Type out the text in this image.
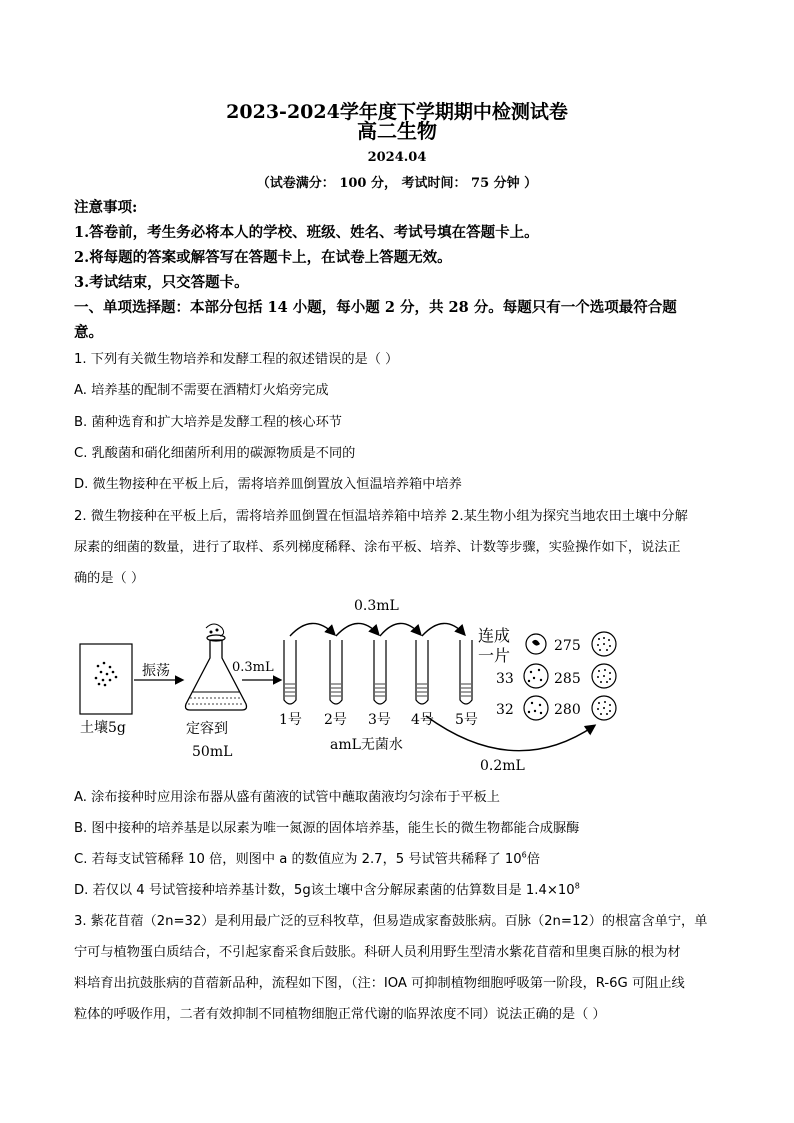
2023-2024学年度下学期期中检测试卷
高二生物
2024.04
（试卷满分： 100 分， 考试时间： 75 分钟 ）
注意事项:
1.答卷前，考生务必将本人的学校、班级、姓名、考试号填在答题卡上。
2.将每题的答案或解答写在答题卡上，在试卷上答题无效。
3.考试结束，只交答题卡。
一、单项选择题：本部分包括 14 小题，每小题 2 分，共 28 分。每题只有一个选项最符合题
意。
1. 下列有关微生物培养和发酵工程的叙述错误的是（ ）
A. 培养基的配制不需要在酒精灯火焰旁完成
B. 菌种选育和扩大培养是发酵工程的核心环节
C. 乳酸菌和硝化细菌所利用的碳源物质是不同的
D. 微生物接种在平板上后，需将培养皿倒置放入恒温培养箱中培养
2. 微生物接种在平板上后，需将培养皿倒置在恒温培养箱中培养 2.某生物小组为探究当地农田土壤中分解
尿素的细菌的数量，进行了取样、系列梯度稀释、涂布平板、培养、计数等步骤，实验操作如下，说法正
确的是（ ）
土壤5g
振荡
定容到
50mL
0.3mL
0.3mL
1号 2号 3号 4号 5号
amL无菌水
连成
一片
33
32
275
285
280
0.2mL
A. 涂布接种时应用涂布器从盛有菌液的试管中蘸取菌液均匀涂布于平板上
B. 图中接种的培养基是以尿素为唯一氮源的固体培养基，能生长的微生物都能合成脲酶
C. 若每支试管稀释 10 倍，则图中 a 的数值应为 2.7，5 号试管共稀释了 $10^6$倍
D. 若仅以 4 号试管接种培养基计数，5g该土壤中含分解尿素菌的估算数目是 $1.4\times 10^8$
3. 紫花苜蓿（2n=32）是利用最广泛的豆科牧草，但易造成家畜鼓胀病。百脉（2n=12）的根富含单宁，单
宁可与植物蛋白质结合，不引起家畜采食后鼓胀。科研人员利用野生型清水紫花苜蓿和里奥百脉的根为材
料培育出抗鼓胀病的苜蓿新品种，流程如下图，（注：IOA 可抑制植物细胞呼吸第一阶段，R-6G 可阻止线
粒体的呼吸作用，二者有效抑制不同植物细胞正常代谢的临界浓度不同）说法正确的是（ ）
